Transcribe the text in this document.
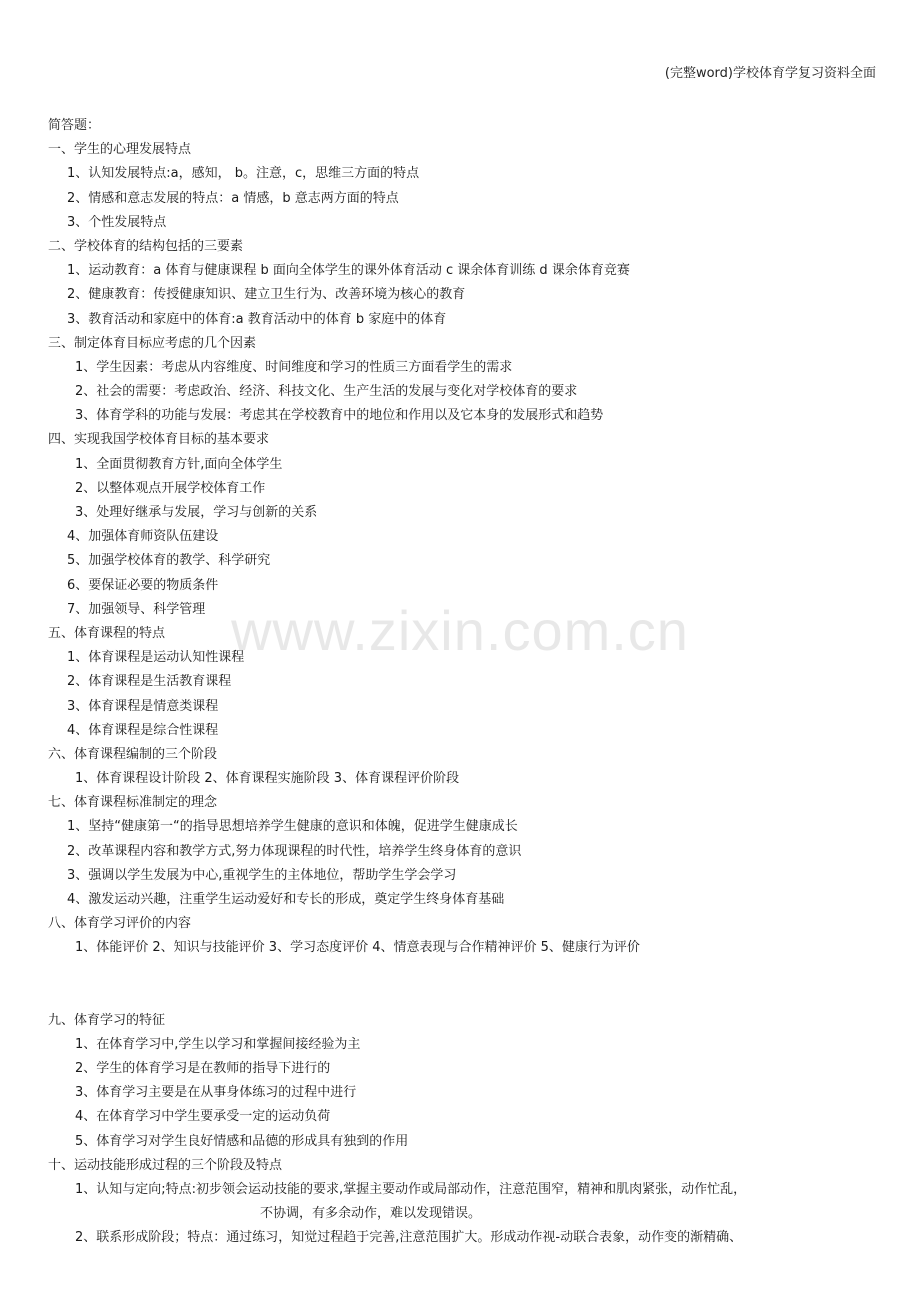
(完整word)学校体育学复习资料全面
www.zixin.com.cn
简答题：
一、学生的心理发展特点
1、认知发展特点:a，感知， b。注意，c，思维三方面的特点
2、情感和意志发展的特点：a 情感，b 意志两方面的特点
3、个性发展特点
二、学校体育的结构包括的三要素
1、运动教育：a 体育与健康课程 b 面向全体学生的课外体育活动 c 课余体育训练 d 课余体育竞赛
2、健康教育：传授健康知识、建立卫生行为、改善环境为核心的教育
3、教育活动和家庭中的体育:a 教育活动中的体育 b 家庭中的体育
三、制定体育目标应考虑的几个因素
1、学生因素：考虑从内容维度、时间维度和学习的性质三方面看学生的需求
2、社会的需要：考虑政治、经济、科技文化、生产生活的发展与变化对学校体育的要求
3、体育学科的功能与发展：考虑其在学校教育中的地位和作用以及它本身的发展形式和趋势
四、实现我国学校体育目标的基本要求
1、全面贯彻教育方针,面向全体学生
2、以整体观点开展学校体育工作
3、处理好继承与发展，学习与创新的关系
4、加强体育师资队伍建设
5、加强学校体育的教学、科学研究
6、要保证必要的物质条件
7、加强领导、科学管理
五、体育课程的特点
1、体育课程是运动认知性课程
2、体育课程是生活教育课程
3、体育课程是情意类课程
4、体育课程是综合性课程
六、体育课程编制的三个阶段
1、体育课程设计阶段 2、体育课程实施阶段 3、体育课程评价阶段
七、体育课程标准制定的理念
1、坚持“健康第一“的指导思想培养学生健康的意识和体魄，促进学生健康成长
2、改革课程内容和教学方式,努力体现课程的时代性，培养学生终身体育的意识
3、强调以学生发展为中心,重视学生的主体地位，帮助学生学会学习
4、激发运动兴趣，注重学生运动爱好和专长的形成，奠定学生终身体育基础
八、体育学习评价的内容
1、体能评价 2、知识与技能评价 3、学习态度评价 4、情意表现与合作精神评价 5、健康行为评价
九、体育学习的特征
1、在体育学习中,学生以学习和掌握间接经验为主
2、学生的体育学习是在教师的指导下进行的
3、体育学习主要是在从事身体练习的过程中进行
4、在体育学习中学生要承受一定的运动负荷
5、体育学习对学生良好情感和品德的形成具有独到的作用
十、运动技能形成过程的三个阶段及特点
1、认知与定向;特点:初步领会运动技能的要求,掌握主要动作或局部动作，注意范围窄，精神和肌肉紧张，动作忙乱，
不协调，有多余动作，难以发现错误。
2、联系形成阶段；特点：通过练习，知觉过程趋于完善,注意范围扩大。形成动作视-动联合表象，动作变的渐精确、
